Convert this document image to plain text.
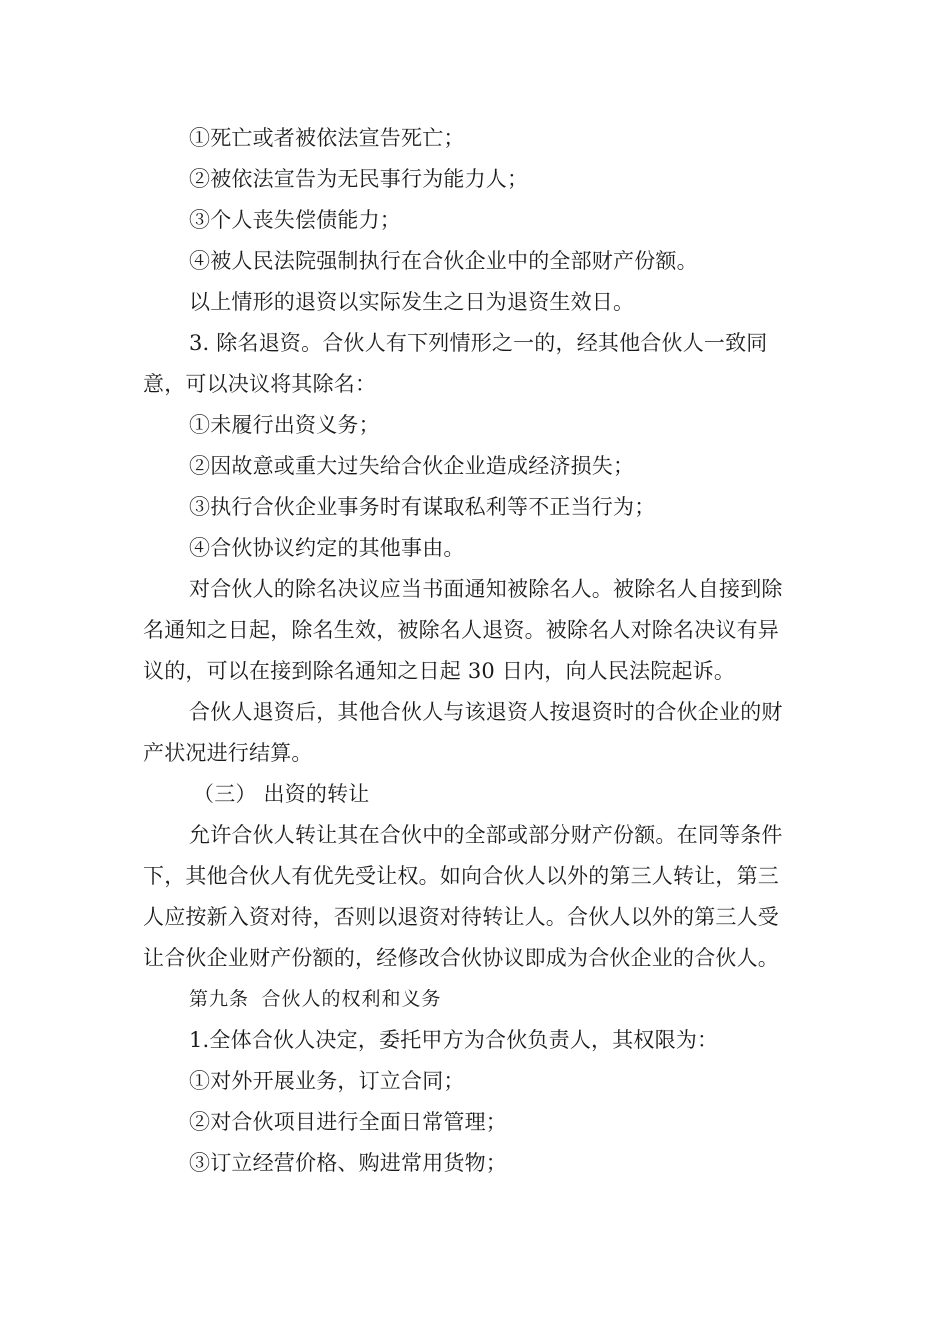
①死亡或者被依法宣告死亡；
②被依法宣告为无民事行为能力人；
③个人丧失偿债能力；
④被人民法院强制执行在合伙企业中的全部财产份额。
以上情形的退资以实际发生之日为退资生效日。
3. 除名退资。合伙人有下列情形之一的，经其他合伙人一致同
意，可以决议将其除名：
①未履行出资义务；
②因故意或重大过失给合伙企业造成经济损失；
③执行合伙企业事务时有谋取私利等不正当行为；
④合伙协议约定的其他事由。
对合伙人的除名决议应当书面通知被除名人。被除名人自接到除
名通知之日起，除名生效，被除名人退资。被除名人对除名决议有异
议的，可以在接到除名通知之日起 30 日内，向人民法院起诉。
合伙人退资后，其他合伙人与该退资人按退资时的合伙企业的财
产状况进行结算。
（三） 出资的转让
允许合伙人转让其在合伙中的全部或部分财产份额。在同等条件
下，其他合伙人有优先受让权。如向合伙人以外的第三人转让，第三
人应按新入资对待，否则以退资对待转让人。合伙人以外的第三人受
让合伙企业财产份额的，经修改合伙协议即成为合伙企业的合伙人。
第九条 合伙人的权利和义务
1.全体合伙人决定，委托甲方为合伙负责人，其权限为：
①对外开展业务，订立合同；
②对合伙项目进行全面日常管理；
③订立经营价格、购进常用货物；
